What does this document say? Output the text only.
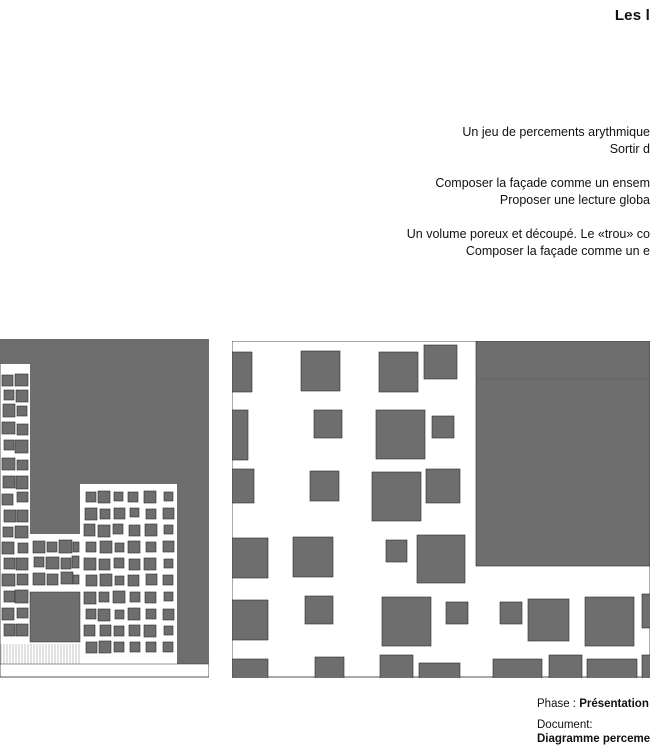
Les l

Un jeu de percements arythmique
Sortir d

Composer la façade comme un ensem
Proposer une lecture globa

Un volume poreux et découpé. Le «trou» co
Composer la façade comme un e

Phase : Présentation
Document:
Diagramme perceme
